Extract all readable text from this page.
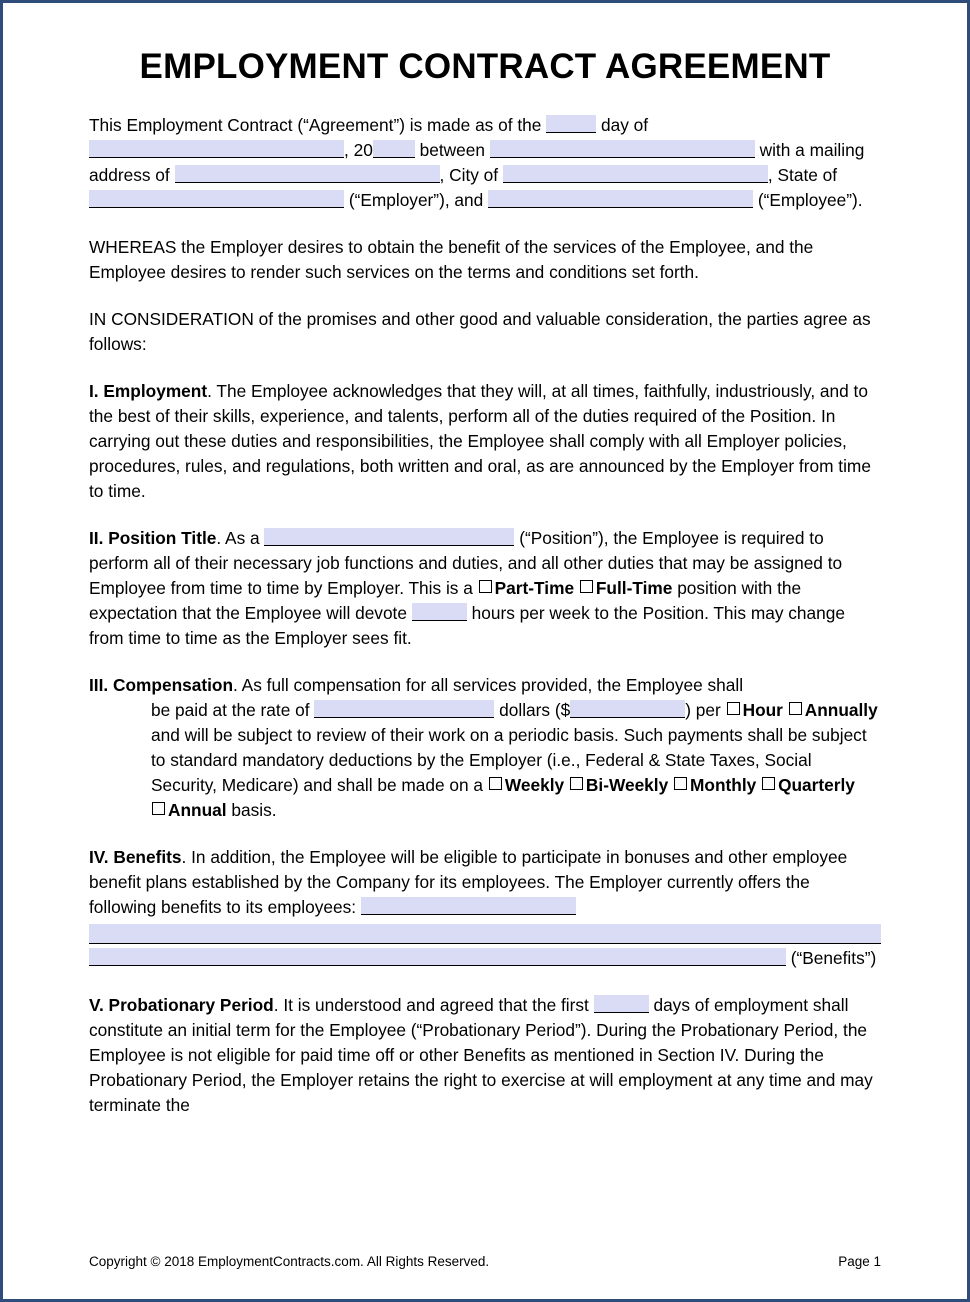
EMPLOYMENT CONTRACT AGREEMENT

This Employment Contract (“Agreement”) is made as of the	day of , 20	between	with a mailing address of	, City of	, State of  (“Employer”), and	(“Employee”).

WHEREAS the Employer desires to obtain the benefit of the services of the Employee, and the Employee desires to render such services on the terms and conditions set forth.

IN CONSIDERATION of the promises and other good and valuable consideration, the parties agree as follows:

I. Employment. The Employee acknowledges that they will, at all times, faithfully, industriously, and to the best of their skills, experience, and talents, perform all of the duties required of the Position. In carrying out these duties and responsibilities, the Employee shall comply with all Employer policies, procedures, rules, and regulations, both written and oral, as are announced by the Employer from time to time.

II. Position Title. As a	(“Position”), the Employee is required to perform all of their necessary job functions and duties, and all other duties that may be assigned to Employee from time to time by Employer. This is a Part-Time Full-Time position with the expectation that the Employee will devote	hours per week to the Position. This may change from time to time as the Employer sees fit.

III. Compensation. As full compensation for all services provided, the Employee shall
be paid at the rate of	dollars ($	) per Hour Annually and will be subject to review of their work on a periodic basis. Such payments shall be subject to standard mandatory deductions by the Employer (i.e., Federal & State Taxes, Social Security, Medicare) and shall be made on a Weekly Bi-Weekly Monthly Quarterly Annual basis.

IV. Benefits. In addition, the Employee will be eligible to participate in bonuses and other employee benefit plans established by the Company for its employees. The Employer currently offers the following benefits to its employees:
(“Benefits”)

V. Probationary Period. It is understood and agreed that the first	days of employment shall constitute an initial term for the Employee (“Probationary Period”). During the Probationary Period, the Employee is not eligible for paid time off or other Benefits as mentioned in Section IV. During the Probationary Period, the Employer retains the right to exercise at will employment at any time and may terminate the

Copyright © 2018 EmploymentContracts.com. All Rights Reserved.	Page 1
